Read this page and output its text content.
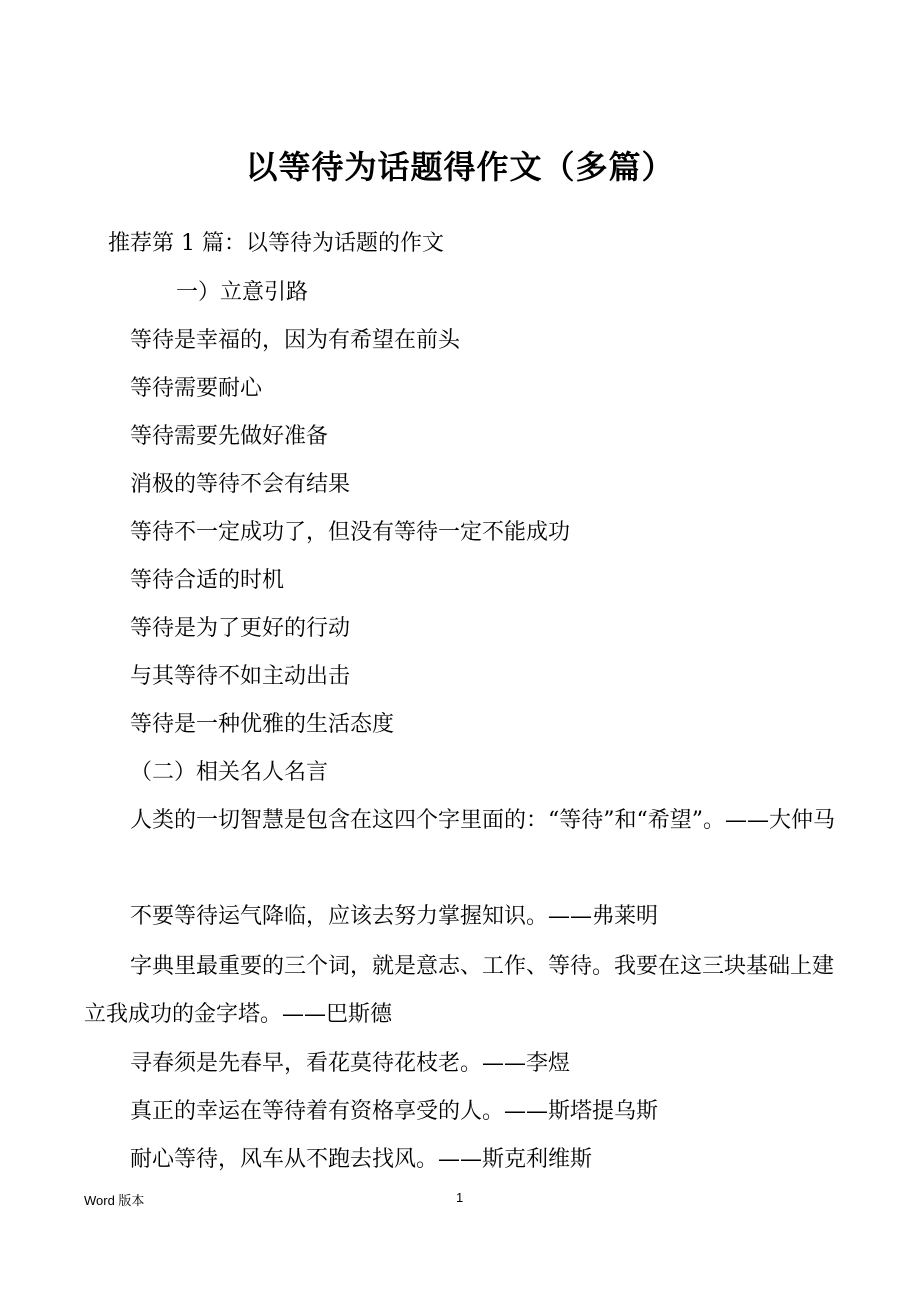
以等待为话题得作文（多篇）

推荐第 1 篇：以等待为话题的作文

一）立意引路

等待是幸福的，因为有希望在前头

等待需要耐心

等待需要先做好准备

消极的等待不会有结果

等待不一定成功了，但没有等待一定不能成功

等待合适的时机

等待是为了更好的行动

与其等待不如主动出击

等待是一种优雅的生活态度

（二）相关名人名言

人类的一切智慧是包含在这四个字里面的：“等待”和“希望”。——大仲马

不要等待运气降临，应该去努力掌握知识。——弗莱明

字典里最重要的三个词，就是意志、工作、等待。我要在这三块基础上建立我成功的金字塔。——巴斯德

寻春须是先春早，看花莫待花枝老。——李煜

真正的幸运在等待着有资格享受的人。——斯塔提乌斯

耐心等待，风车从不跑去找风。——斯克利维斯

Word 版本	1
